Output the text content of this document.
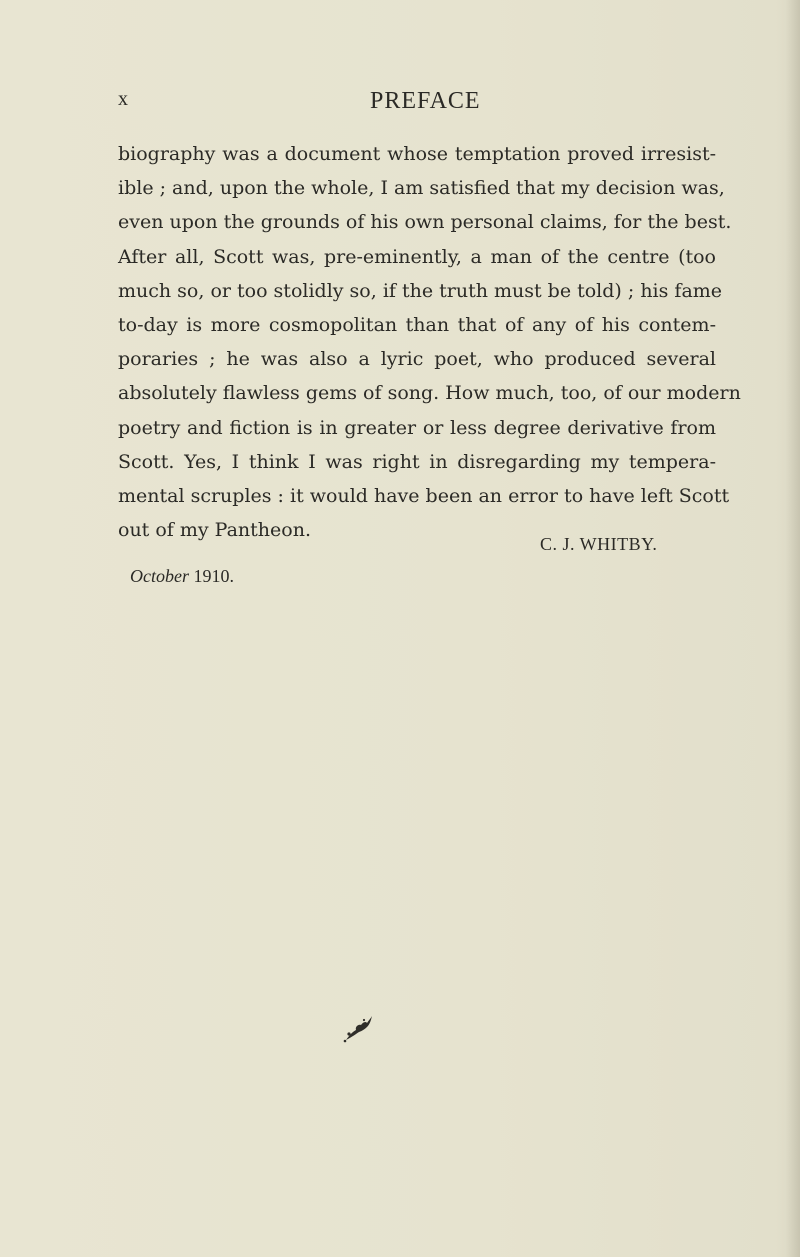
x	PREFACE
biography was a document whose temptation proved irresist-
ible ; and, upon the whole, I am satisfied that my decision was,
even upon the grounds of his own personal claims, for the best.
After all, Scott was, pre-eminently, a man of the centre (too
much so, or too stolidly so, if the truth must be told) ; his fame
to-day is more cosmopolitan than that of any of his contem-
poraries ; he was also a lyric poet, who produced several
absolutely flawless gems of song. How much, too, of our modern
poetry and fiction is in greater or less degree derivative from
Scott. Yes, I think I was right in disregarding my tempera-
mental scruples : it would have been an error to have left Scott
out of my Pantheon.
C. J. WHITBY.
October 1910.
